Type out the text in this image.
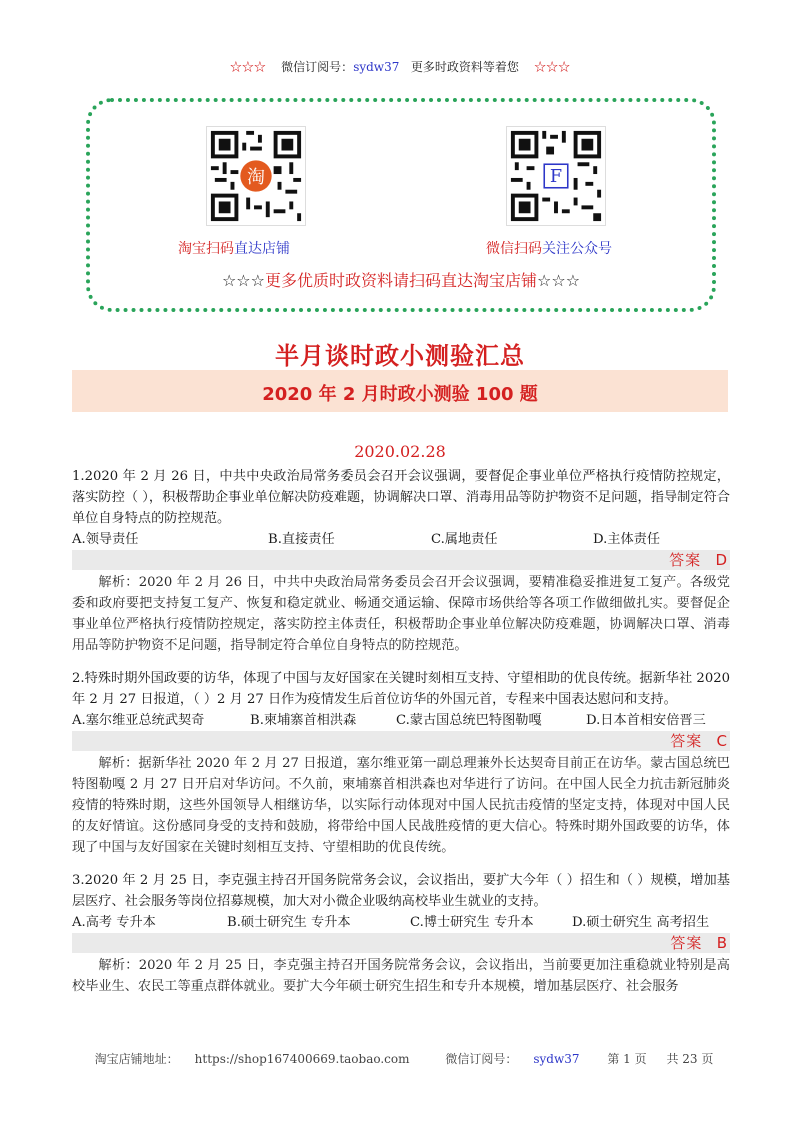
☆☆☆ 微信订阅号：sydw37 更多时政资料等着您 ☆☆☆
淘	F
淘宝扫码直达店铺	微信扫码关注公众号
☆☆☆更多优质时政资料请扫码直达淘宝店铺☆☆☆
半月谈时政小测验汇总
2020 年 2 月时政小测验 100 题
2020.02.28

1.2020 年 2 月 26 日，中共中央政治局常务委员会召开会议强调，要督促企事业单位严格执行疫情防控规定，落实防控（ ），积极帮助企事业单位解决防疫难题，协调解决口罩、消毒用品等防护物资不足问题，指导制定符合单位自身特点的防控规范。

A.领导责任	B.直接责任	C.属地责任	D.主体责任
答案 D

解析：2020 年 2 月 26 日，中共中央政治局常务委员会召开会议强调，要精准稳妥推进复工复产。各级党委和政府要把支持复工复产、恢复和稳定就业、畅通交通运输、保障市场供给等各项工作做细做扎实。要督促企事业单位严格执行疫情防控规定，落实防控主体责任，积极帮助企事业单位解决防疫难题，协调解决口罩、消毒用品等防护物资不足问题，指导制定符合单位自身特点的防控规范。

2.特殊时期外国政要的访华，体现了中国与友好国家在关键时刻相互支持、守望相助的优良传统。据新华社 2020 年 2 月 27 日报道，（ ）2 月 27 日作为疫情发生后首位访华的外国元首，专程来中国表达慰问和支持。

A.塞尔维亚总统武契奇	B.柬埔寨首相洪森	C.蒙古国总统巴特图勒嘎	D.日本首相安倍晋三
答案 C

解析：据新华社 2020 年 2 月 27 日报道，塞尔维亚第一副总理兼外长达契奇目前正在访华。蒙古国总统巴特图勒嘎 2 月 27 日开启对华访问。不久前，柬埔寨首相洪森也对华进行了访问。在中国人民全力抗击新冠肺炎疫情的特殊时期，这些外国领导人相继访华，以实际行动体现对中国人民抗击疫情的坚定支持，体现对中国人民的友好情谊。这份感同身受的支持和鼓励，将带给中国人民战胜疫情的更大信心。特殊时期外国政要的访华，体现了中国与友好国家在关键时刻相互支持、守望相助的优良传统。

3.2020 年 2 月 25 日，李克强主持召开国务院常务会议，会议指出，要扩大今年（ ）招生和（ ）规模，增加基层医疗、社会服务等岗位招募规模，加大对小微企业吸纳高校毕业生就业的支持。

A.高考 专升本	B.硕士研究生 专升本	C.博士研究生 专升本	D.硕士研究生 高考招生
答案 B

解析：2020 年 2 月 25 日，李克强主持召开国务院常务会议，会议指出，当前要更加注重稳就业特别是高校毕业生、农民工等重点群体就业。要扩大今年硕士研究生招生和专升本规模，增加基层医疗、社会服务

淘宝店铺地址： https://shop167400669.taobao.com	微信订阅号： sydw37 第 1 页 共 23 页
